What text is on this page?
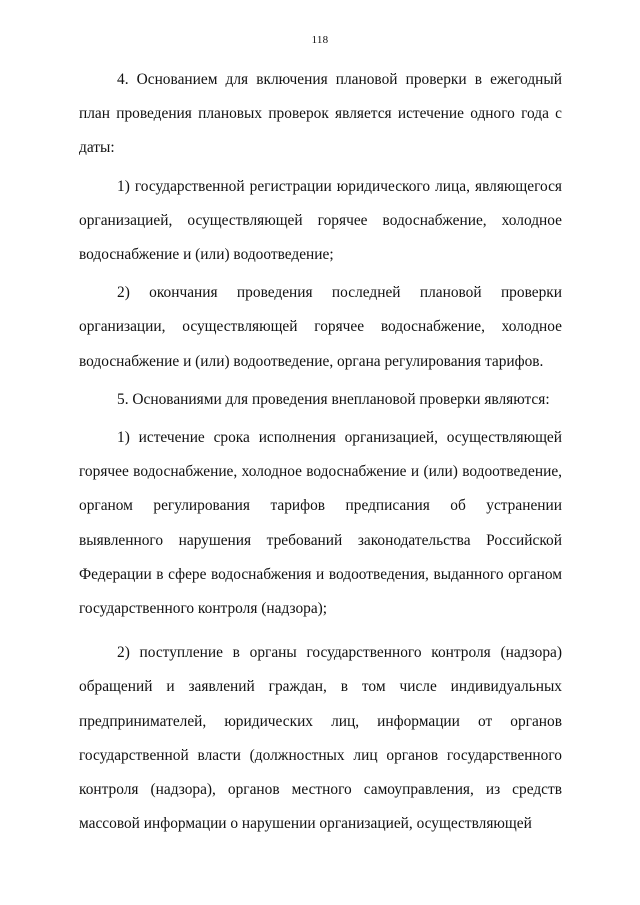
118

4. Основанием для включения плановой проверки в ежегодный план проведения плановых проверок является истечение одного года с даты:

1) государственной регистрации юридического лица, являющегося организацией, осуществляющей горячее водоснабжение, холодное водоснабжение и (или) водоотведение;

2) окончания проведения последней плановой проверки организации, осуществляющей горячее водоснабжение, холодное водоснабжение и (или) водоотведение, органа регулирования тарифов.

5. Основаниями для проведения внеплановой проверки являются:

1) истечение срока исполнения организацией, осуществляющей горячее водоснабжение, холодное водоснабжение и (или) водоотведение, органом регулирования тарифов предписания об устранении выявленного нарушения требований законодательства Российской Федерации в сфере водоснабжения и водоотведения, выданного органом государственного контроля (надзора);

2) поступление в органы государственного контроля (надзора) обращений и заявлений граждан, в том числе индивидуальных предпринимателей, юридических лиц, информации от органов государственной власти (должностных лиц органов государственного контроля (надзора), органов местного самоуправления, из средств массовой информации о нарушении организацией, осуществляющей
